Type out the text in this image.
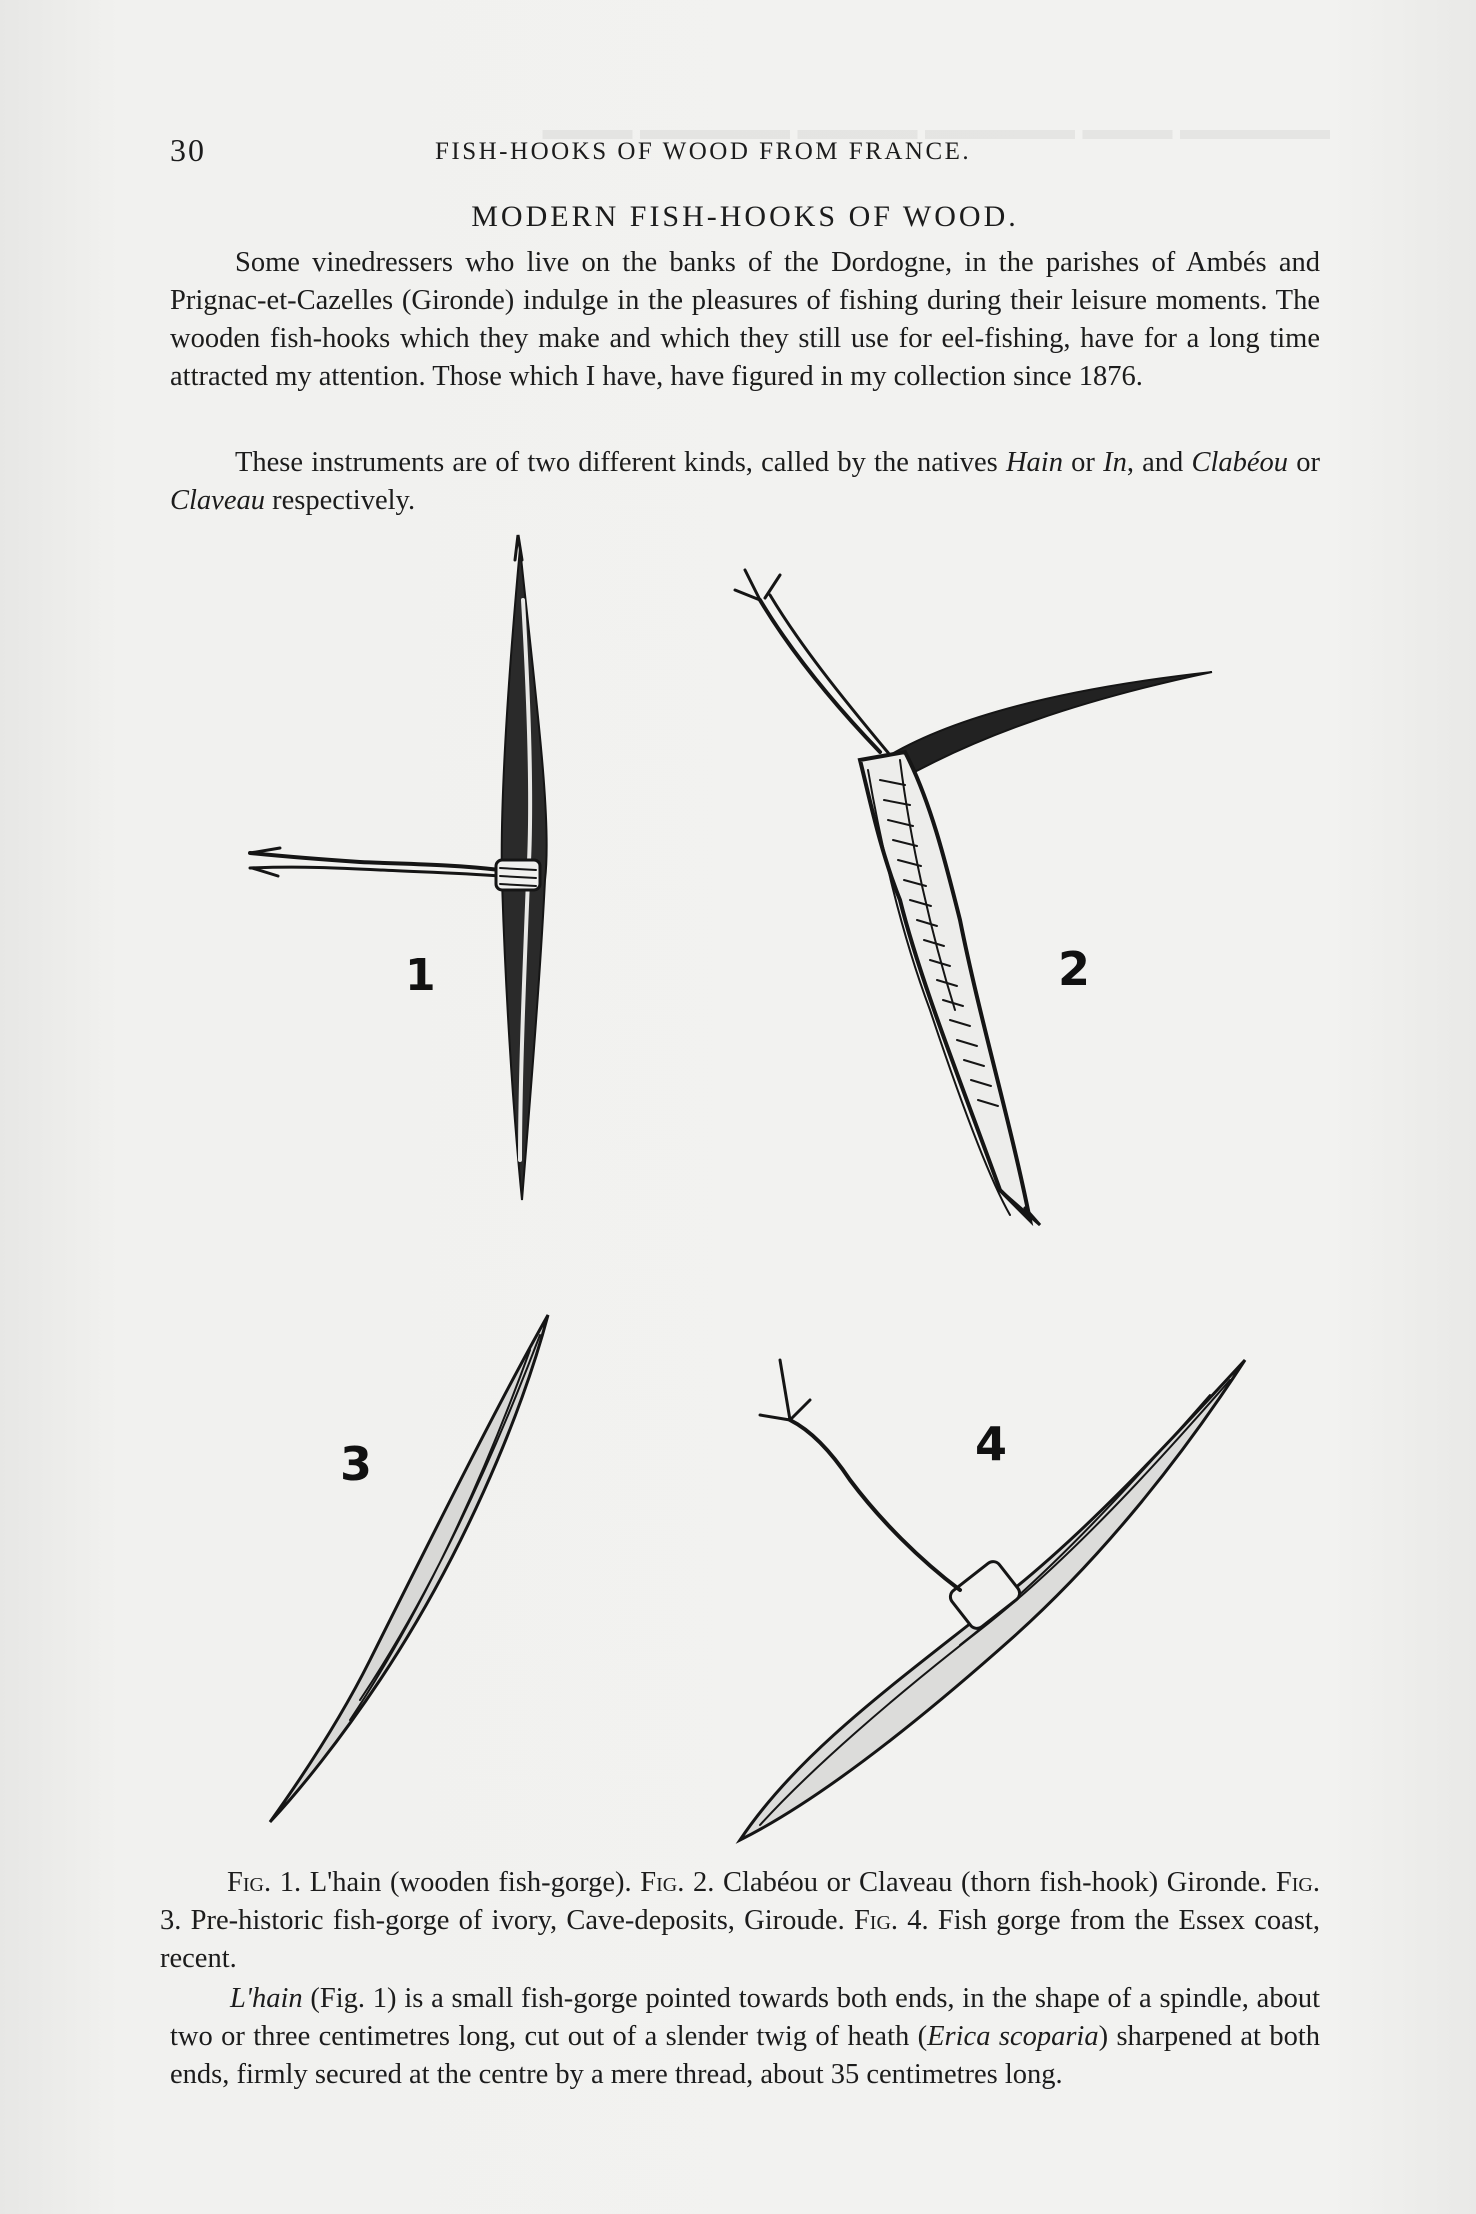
▬▬▬▬▬ ▬▬▬ ▬▬▬▬▬ ▬▬▬▬ ▬▬▬▬▬ ▬▬▬
30	FISH-HOOKS OF WOOD FROM FRANCE.
MODERN FISH-HOOKS OF WOOD.

Some vinedressers who live on the banks of the Dordogne, in the parishes of Ambés and Prignac-et-Cazelles (Gironde) indulge in the pleasures of fishing during their leisure moments. The wooden fish-hooks which they make and which they still use for eel-fishing, have for a long time attracted my attention. Those which I have, have figured in my collection since 1876.

These instruments are of two different kinds, called by the natives Hain or In, and Clabéou or Claveau respectively.

1	2
3	4

Fig. 1. L'hain (wooden fish-gorge). Fig. 2. Clabéou or Claveau (thorn fish-hook) Gironde. Fig. 3. Pre-historic fish-gorge of ivory, Cave-deposits, Giroude. Fig. 4. Fish gorge from the Essex coast, recent.

L'hain (Fig. 1) is a small fish-gorge pointed towards both ends, in the shape of a spindle, about two or three centimetres long, cut out of a slender twig of heath (Erica scoparia) sharpened at both ends, firmly secured at the centre by a mere thread, about 35 centimetres long.
